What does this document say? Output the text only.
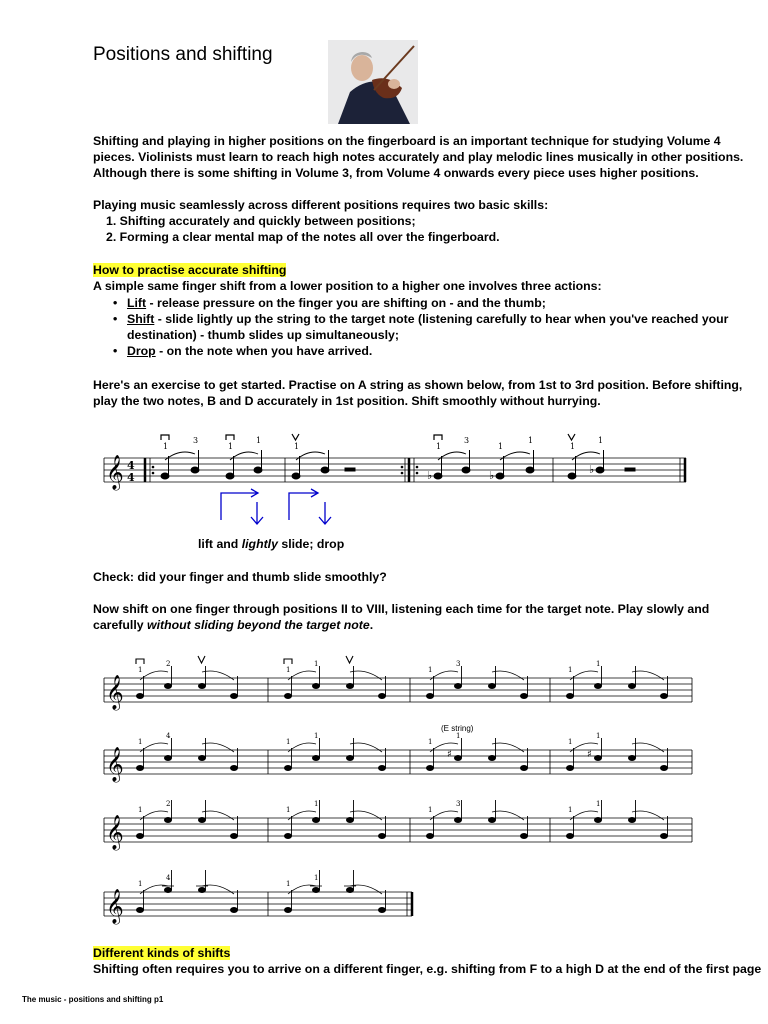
Positions and shifting

Shifting and playing in higher positions on the fingerboard is an important technique for studying Volume 4 pieces. Violinists must learn to reach high notes accurately and play melodic lines musically in other positions. Although there is some shifting in Volume 3, from Volume 4 onwards every piece uses higher positions.

Playing music seamlessly across different positions requires two basic skills:

1. Shifting accurately and quickly between positions;
2. Forming a clear mental map of the notes all over the fingerboard.

How to practise accurate shifting

A simple same finger shift from a lower position to a higher one involves three actions:

• Lift - release pressure on the finger you are shifting on - and the thumb;
• Shift - slide lightly up the string to the target note (listening carefully to hear when you've reached your destination) - thumb slides up simultaneously;
• Drop - on the note when you have arrived.

Here's an exercise to get started. Practise on A string as shown below, from 1st to 3rd position. Before shifting, play the two notes, B and D accurately in 1st position. Shift smoothly without hurrying.

𝄞 4
4
1
3
1
1
1	1
3
1
1
1
1
♭	♭	♭

lift and lightly slide; drop

Check: did your finger and thumb slide smoothly?

Now shift on one finger through positions II to VIII, listening each time for the target note. Play slowly and carefully without sliding beyond the target note.

𝄞
1
2
1
1
1
3
1
1
𝄞
1
4
1
1
1
1
♯
1
1
♯
𝄞
1
2
1
1
1
3
1
1
𝄞
1
4
1
1
(E string)

Different kinds of shifts

Shifting often requires you to arrive on a different finger, e.g. shifting from F to a high D at the end of the first page

The music - positions and shifting p1
